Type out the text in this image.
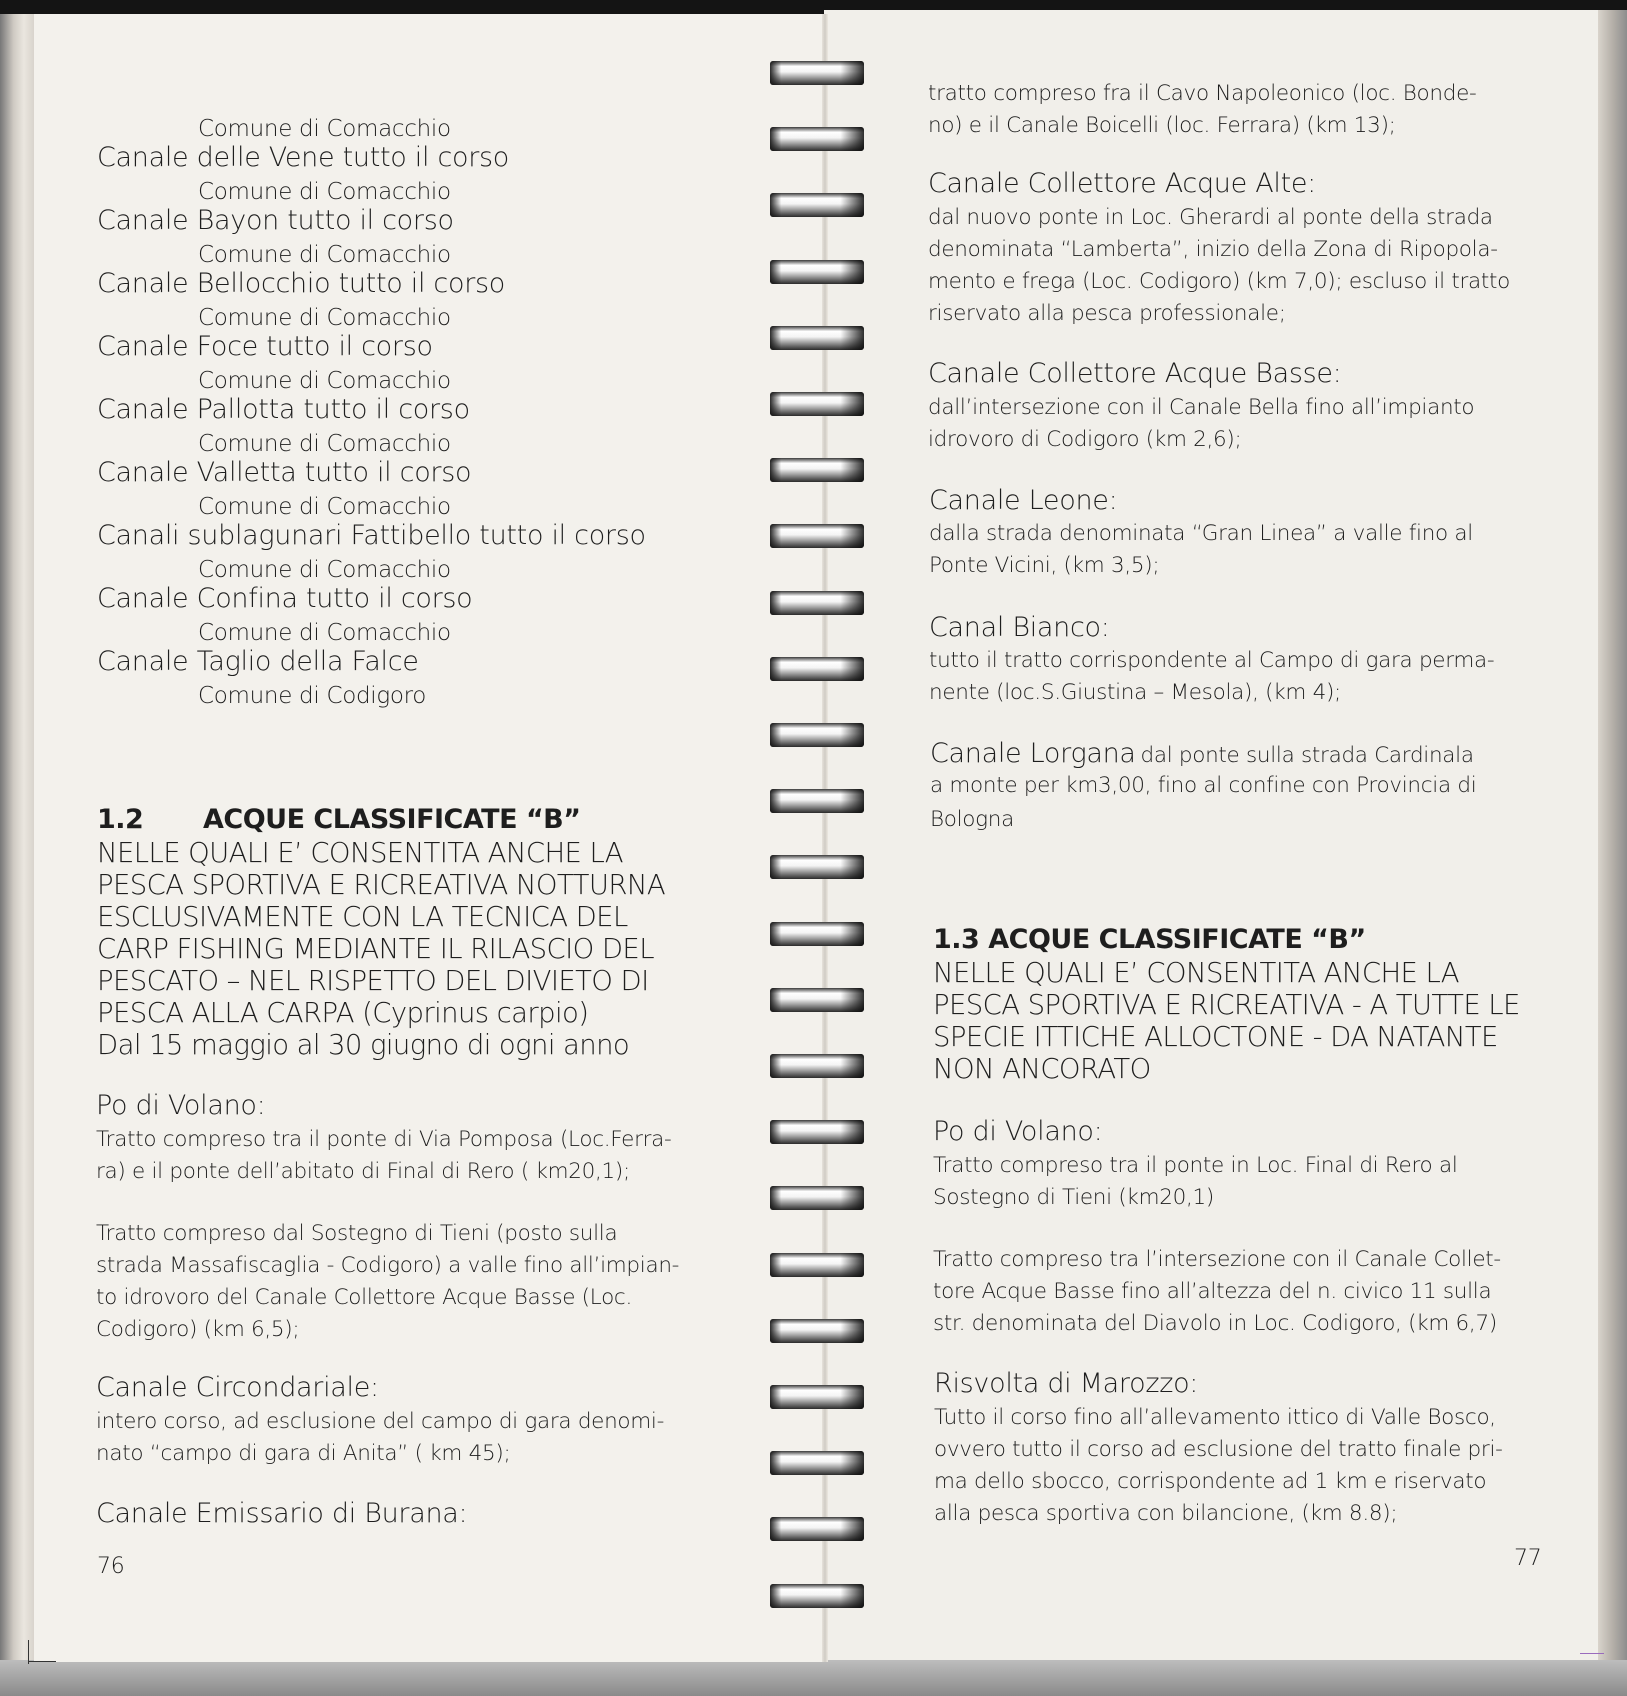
Comune di Comacchio
Canale delle Vene tutto il corso
Comune di Comacchio
Canale Bayon tutto il corso
Comune di Comacchio
Canale Bellocchio tutto il corso
Comune di Comacchio
Canale Foce tutto il corso
Comune di Comacchio
Canale Pallotta tutto il corso
Comune di Comacchio
Canale Valletta tutto il corso
Comune di Comacchio
Canali sublagunari Fattibello tutto il corso
Comune di Comacchio
Canale Confina tutto il corso
Comune di Comacchio
Canale Taglio della Falce
Comune di Codigoro
1.2 ACQUE CLASSIFICATE “B”
NELLE QUALI E’ CONSENTITA ANCHE LA
PESCA SPORTIVA E RICREATIVA NOTTURNA
ESCLUSIVAMENTE CON LA TECNICA DEL
CARP FISHING MEDIANTE IL RILASCIO DEL
PESCATO – NEL RISPETTO DEL DIVIETO DI
PESCA ALLA CARPA (Cyprinus carpio)
Dal 15 maggio al 30 giugno di ogni anno
Po di Volano:
Tratto compreso tra il ponte di Via Pomposa (Loc.Ferra-
ra) e il ponte dell’abitato di Final di Rero ( km20,1);
Tratto compreso dal Sostegno di Tieni (posto sulla
strada Massafiscaglia - Codigoro) a valle fino all’impian-
to idrovoro del Canale Collettore Acque Basse (Loc.
Codigoro) (km 6,5);
Canale Circondariale:
intero corso, ad esclusione del campo di gara denomi-
nato “campo di gara di Anita” ( km 45);
Canale Emissario di Burana:
76
tratto compreso fra il Cavo Napoleonico (loc. Bonde-
no) e il Canale Boicelli (loc. Ferrara) (km 13);
Canale Collettore Acque Alte:
dal nuovo ponte in Loc. Gherardi al ponte della strada
denominata “Lamberta”, inizio della Zona di Ripopola-
mento e frega (Loc. Codigoro) (km 7,0); escluso il tratto
riservato alla pesca professionale;
Canale Collettore Acque Basse:
dall’intersezione con il Canale Bella fino all’impianto
idrovoro di Codigoro (km 2,6);
Canale Leone:
dalla strada denominata “Gran Linea” a valle fino al
Ponte Vicini, (km 3,5);
Canal Bianco:
tutto il tratto corrispondente al Campo di gara perma-
nente (loc.S.Giustina – Mesola), (km 4);
Canale Lorgana dal ponte sulla strada Cardinala
a monte per km3,00, fino al confine con Provincia di
Bologna
1.3 ACQUE CLASSIFICATE “B”
NELLE QUALI E’ CONSENTITA ANCHE LA
PESCA SPORTIVA E RICREATIVA - A TUTTE LE
SPECIE ITTICHE ALLOCTONE - DA NATANTE
NON ANCORATO
Po di Volano:
Tratto compreso tra il ponte in Loc. Final di Rero al
Sostegno di Tieni (km20,1)
Tratto compreso tra l’intersezione con il Canale Collet-
tore Acque Basse fino all’altezza del n. civico 11 sulla
str. denominata del Diavolo in Loc. Codigoro, (km 6,7)
Risvolta di Marozzo:
Tutto il corso fino all’allevamento ittico di Valle Bosco,
ovvero tutto il corso ad esclusione del tratto finale pri-
ma dello sbocco, corrispondente ad 1 km e riservato
alla pesca sportiva con bilancione, (km 8.8);
77
